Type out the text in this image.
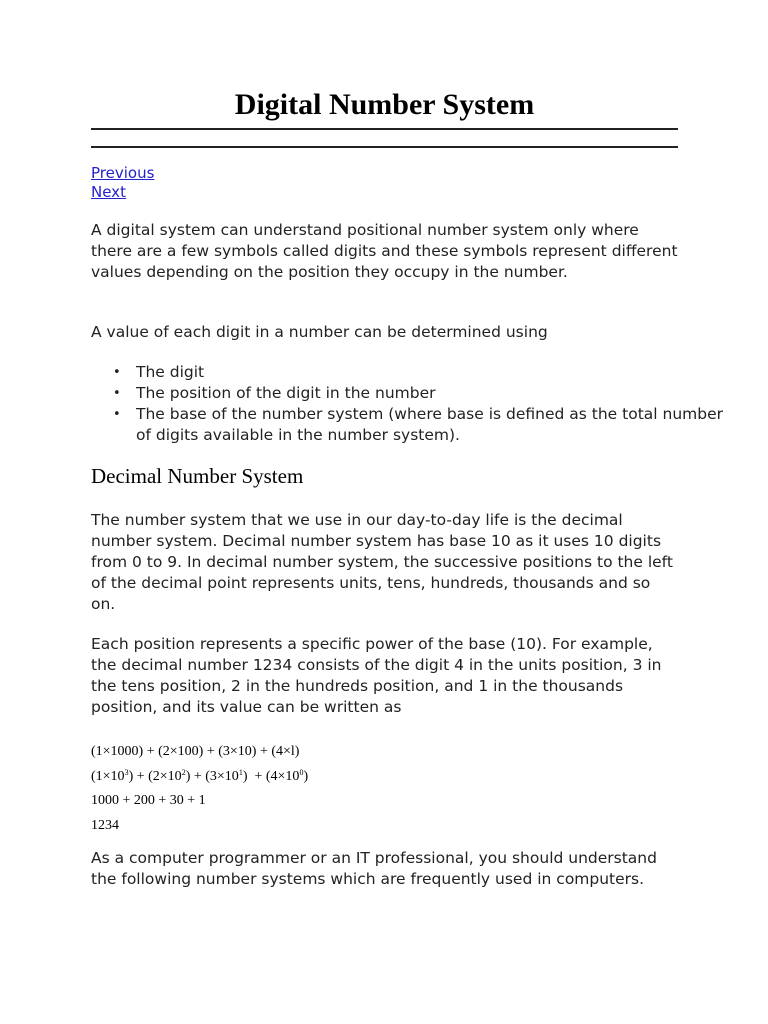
Digital Number System
Previous
Next

A digital system can understand positional number system only where there are a few symbols called digits and these symbols represent different values depending on the position they occupy in the number.

A value of each digit in a number can be determined using

• The digit
• The position of the digit in the number
• The base of the number system (where base is defined as the total number of digits available in the number system).
Decimal Number System

The number system that we use in our day-to-day life is the decimal number system. Decimal number system has base 10 as it uses 10 digits from 0 to 9. In decimal number system, the successive positions to the left of the decimal point represents units, tens, hundreds, thousands and so on.

Each position represents a specific power of the base (10). For example, the decimal number 1234 consists of the digit 4 in the units position, 3 in the tens position, 2 in the hundreds position, and 1 in the thousands position, and its value can be written as

(1×1000) + (2×100) + (3×10) + (4×l)
$(1\times 10^3) + (2\times 10^2) + (3\times 10^1) + (4\times 10^0)$
1000 + 200 + 30 + 1
1234

As a computer programmer or an IT professional, you should understand the following number systems which are frequently used in computers.
